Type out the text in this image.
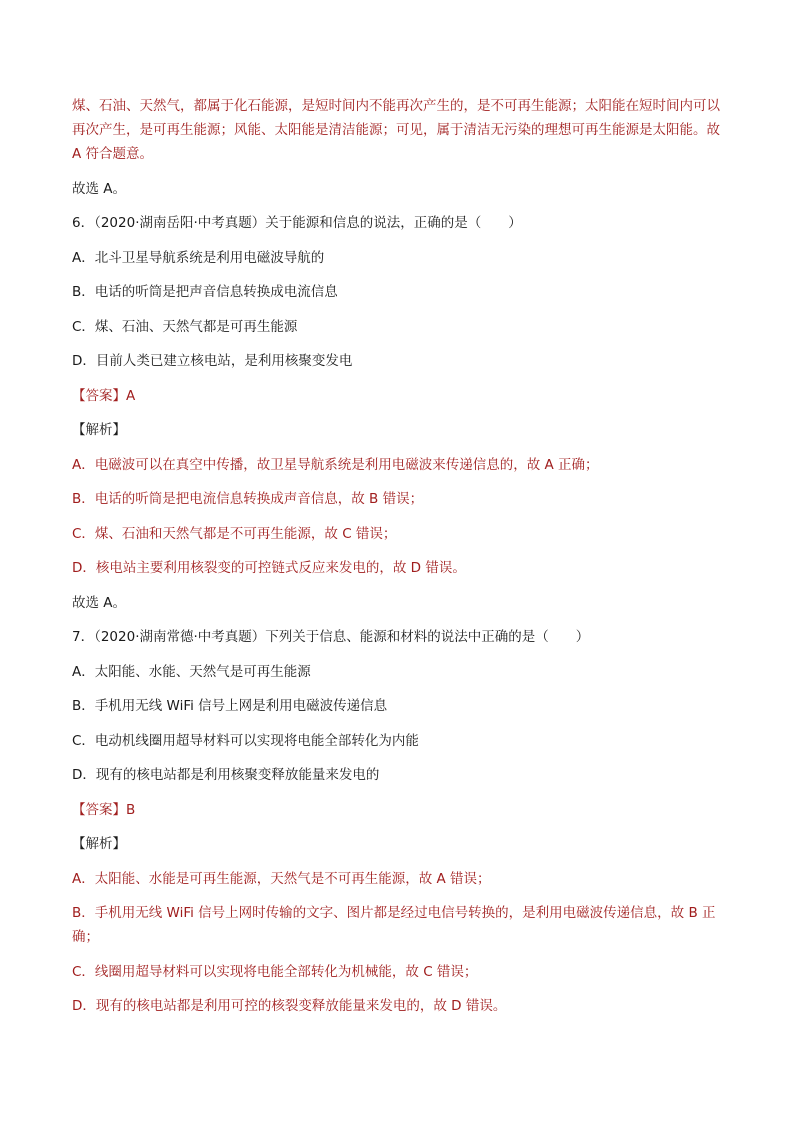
煤、石油、天然气，都属于化石能源，是短时间内不能再次产生的，是不可再生能源；太阳能在短时间内可以再次产生，是可再生能源；风能、太阳能是清洁能源；可见，属于清洁无污染的理想可再生能源是太阳能。故 A 符合题意。

故选 A。

6．（2020·湖南岳阳·中考真题）关于能源和信息的说法，正确的是（　　）

A．北斗卫星导航系统是利用电磁波导航的

B．电话的听筒是把声音信息转换成电流信息

C．煤、石油、天然气都是可再生能源

D．目前人类已建立核电站，是利用核聚变发电

【答案】A

【解析】

A．电磁波可以在真空中传播，故卫星导航系统是利用电磁波来传递信息的，故 A 正确；

B．电话的听筒是把电流信息转换成声音信息，故 B 错误；

C．煤、石油和天然气都是不可再生能源，故 C 错误；

D．核电站主要利用核裂变的可控链式反应来发电的，故 D 错误。

故选 A。

7．（2020·湖南常德·中考真题）下列关于信息、能源和材料的说法中正确的是（　　）

A．太阳能、水能、天然气是可再生能源

B．手机用无线 WiFi 信号上网是利用电磁波传递信息

C．电动机线圈用超导材料可以实现将电能全部转化为内能

D．现有的核电站都是利用核聚变释放能量来发电的

【答案】B

【解析】

A．太阳能、水能是可再生能源，天然气是不可再生能源，故 A 错误；

B．手机用无线 WiFi 信号上网时传输的文字、图片都是经过电信号转换的，是利用电磁波传递信息，故 B 正确；

C．线圈用超导材料可以实现将电能全部转化为机械能，故 C 错误；

D．现有的核电站都是利用可控的核裂变释放能量来发电的，故 D 错误。
